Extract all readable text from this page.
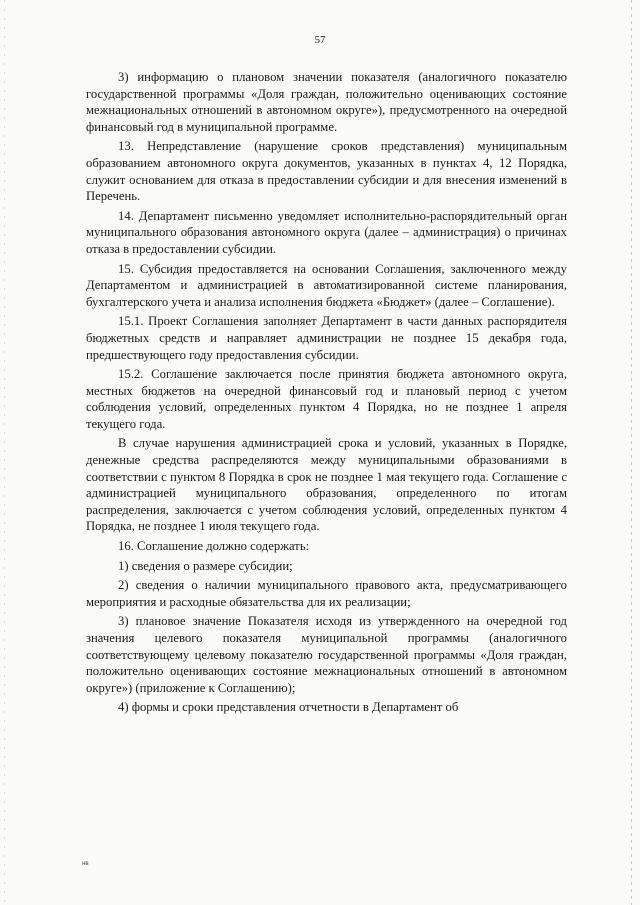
57

3) информацию о плановом значении показателя (аналогичного показателю государственной программы «Доля граждан, положительно оценивающих состояние межнациональных отношений в автономном округе»), предусмотренного на очередной финансовый год в муниципальной программе.

13. Непредставление (нарушение сроков представления) муниципальным образованием автономного округа документов, указанных в пунктах 4, 12 Порядка, служит основанием для отказа в предоставлении субсидии и для внесения изменений в Перечень.

14. Департамент письменно уведомляет исполнительно-распорядительный орган муниципального образования автономного округа (далее – администрация) о причинах отказа в предоставлении субсидии.

15. Субсидия предоставляется на основании Соглашения, заключенного между Департаментом и администрацией в автоматизированной системе планирования, бухгалтерского учета и анализа исполнения бюджета «Бюджет» (далее – Соглашение).

15.1. Проект Соглашения заполняет Департамент в части данных распорядителя бюджетных средств и направляет администрации не позднее 15 декабря года, предшествующего году предоставления субсидии.

15.2. Соглашение заключается после принятия бюджета автономного округа, местных бюджетов на очередной финансовый год и плановый период с учетом соблюдения условий, определенных пунктом 4 Порядка, но не позднее 1 апреля текущего года.

В случае нарушения администрацией срока и условий, указанных в Порядке, денежные средства распределяются между муниципальными образованиями в соответствии с пунктом 8 Порядка в срок не позднее 1 мая текущего года. Соглашение с администрацией муниципального образования, определенного по итогам распределения, заключается с учетом соблюдения условий, определенных пунктом 4 Порядка, не позднее 1 июля текущего года.

16. Соглашение должно содержать:

1) сведения о размере субсидии;

2) сведения о наличии муниципального правового акта, предусматривающего мероприятия и расходные обязательства для их реализации;

3) плановое значение Показателя исходя из утвержденного на очередной год значения целевого показателя муниципальной программы (аналогичного соответствующему целевому показателю государственной программы «Доля граждан, положительно оценивающих состояние межнациональных отношений в автономном округе») (приложение к Соглашению);

4) формы и сроки представления отчетности в Департамент об

нв
